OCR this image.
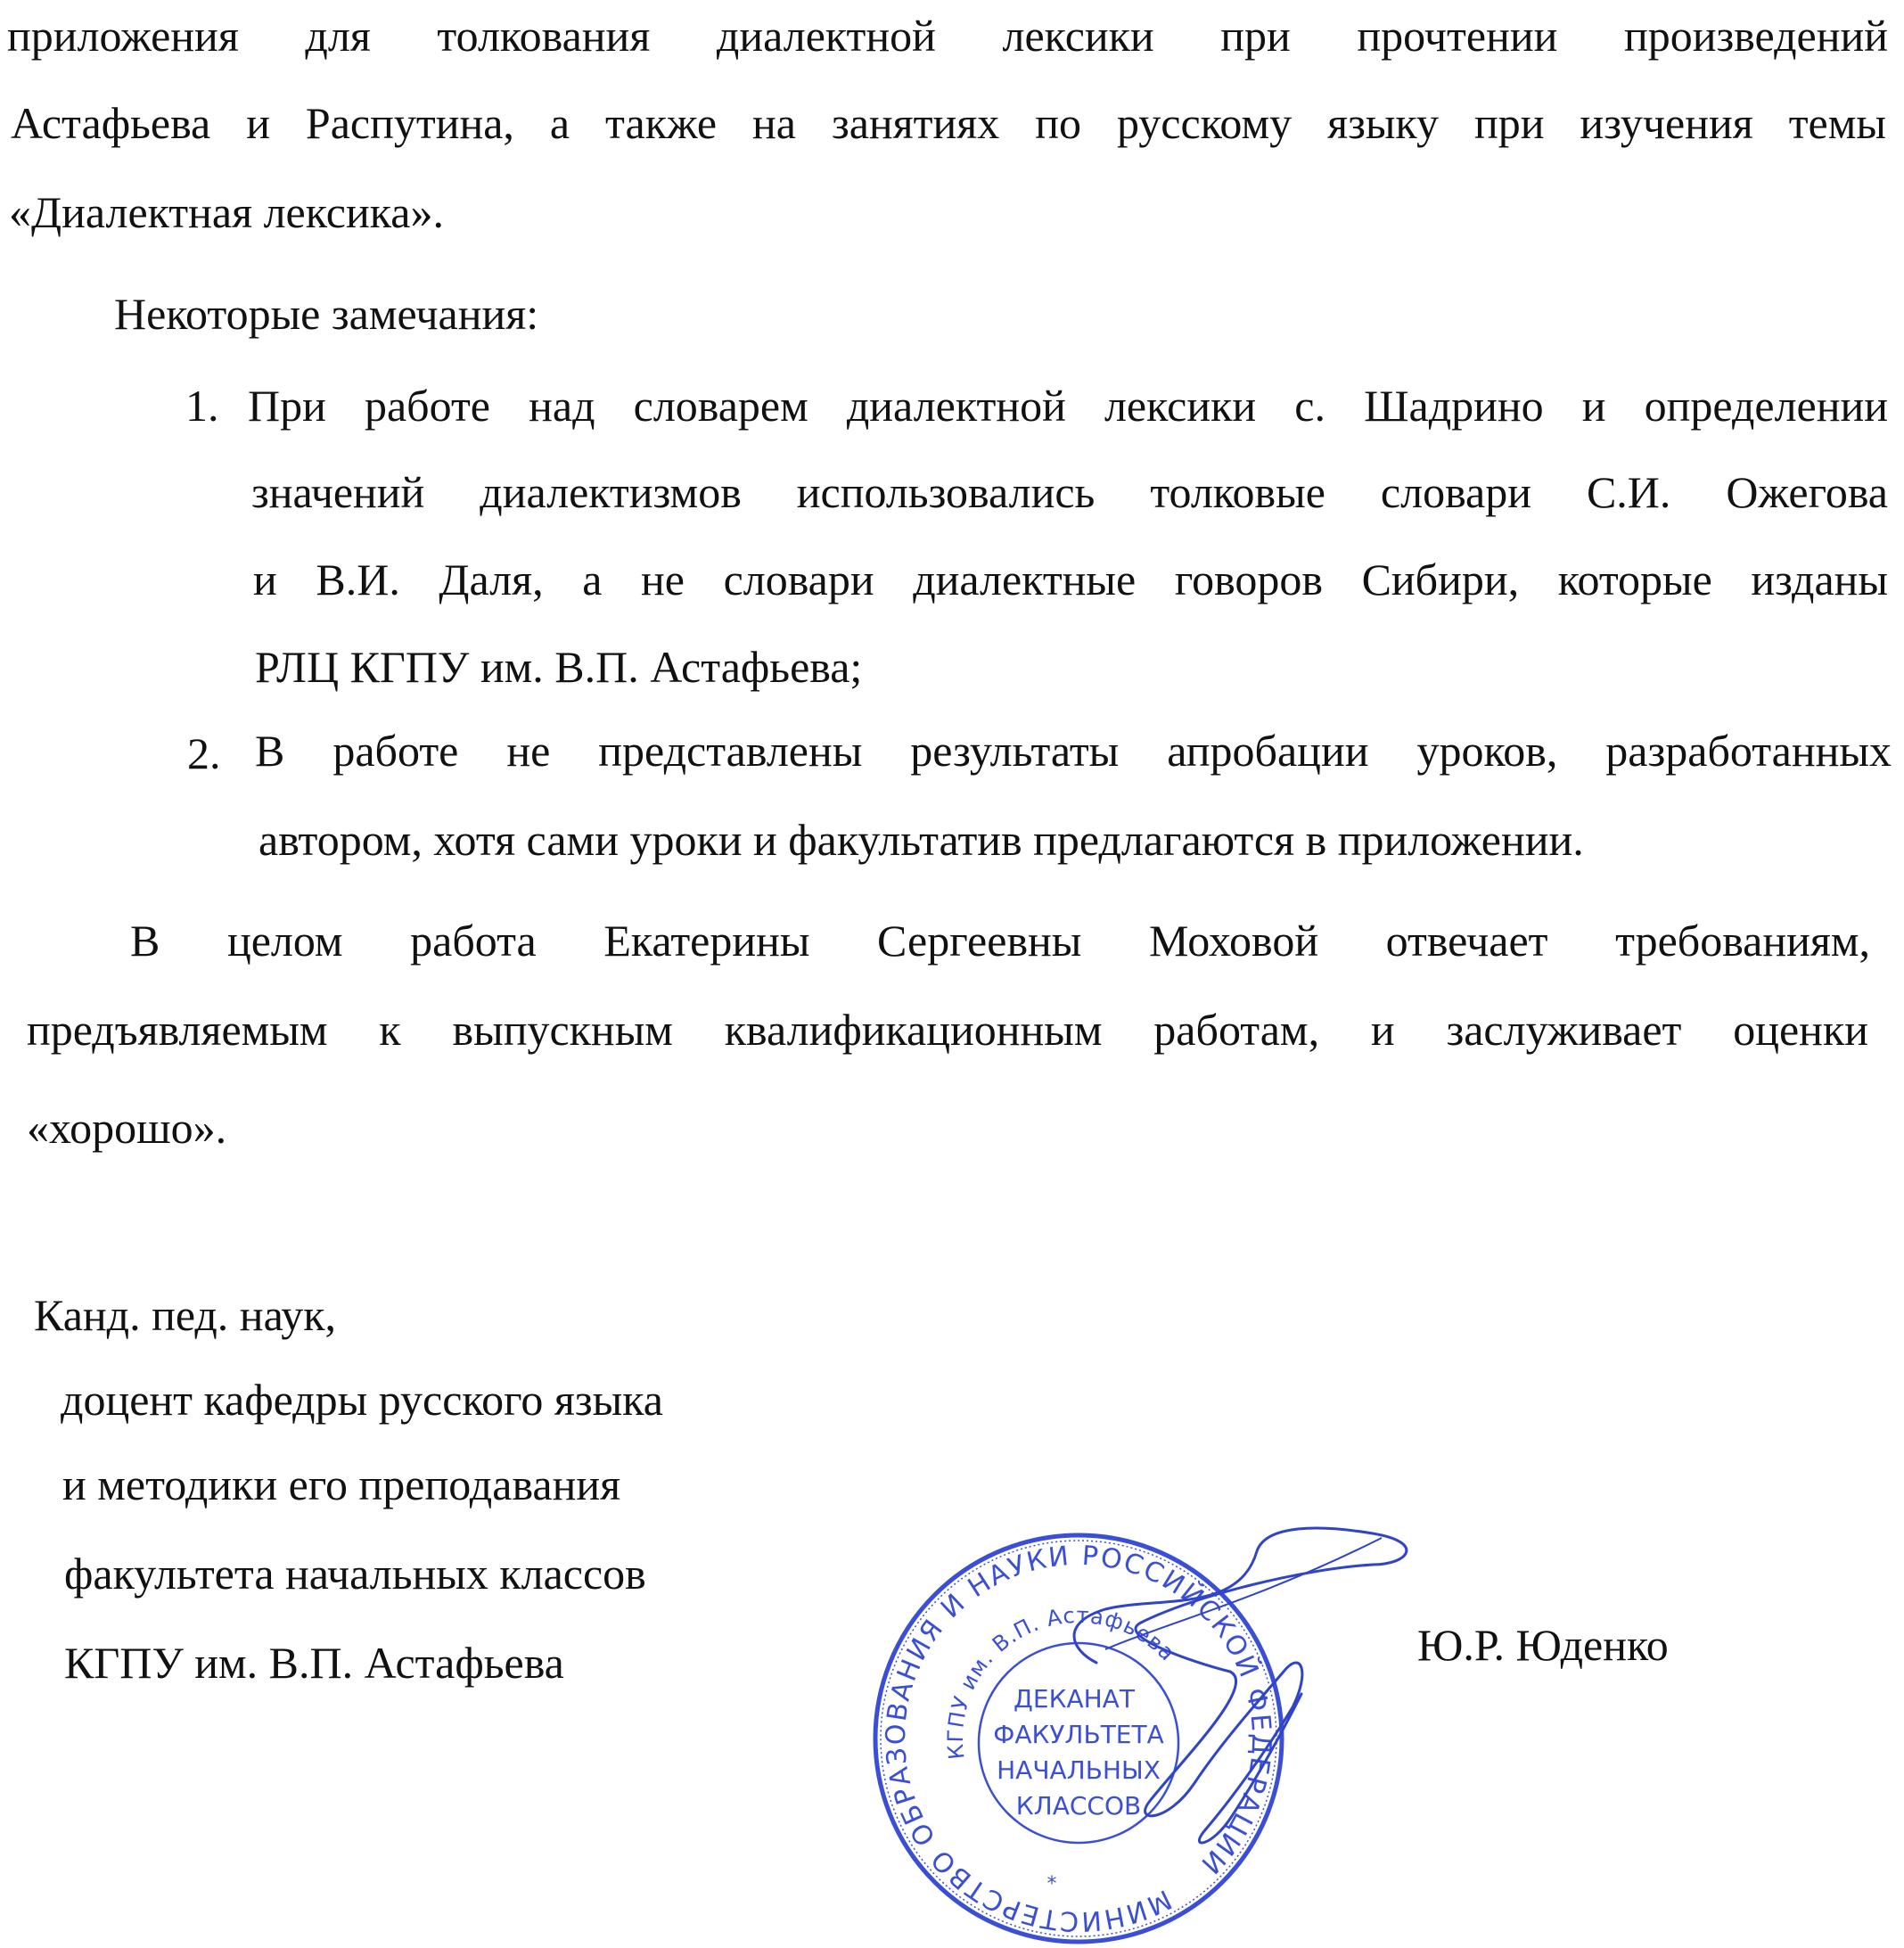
приложения для толкования диалектной лексики при прочтении произведений
Астафьева и Распутина, а также на занятиях по русскому языку при изучения темы
«Диалектная лексика».
Некоторые замечания:
1. При работе над словарем диалектной лексики с. Шадрино и определении
значений диалектизмов использовались толковые словари С.И. Ожегова
и В.И. Даля, а не словари диалектные говоров Сибири, которые изданы
РЛЦ КГПУ им. В.П. Астафьева;
2. В работе не представлены результаты апробации уроков, разработанных
автором, хотя сами уроки и факультатив предлагаются в приложении.
В целом работа Екатерины Сергеевны Моховой отвечает требованиям,
предъявляемым к выпускным квалификационным работам, и заслуживает оценки
«хорошо».
Канд. пед. наук,
доцент кафедры русского языка
и методики его преподавания
факультета начальных классов
КГПУ им. В.П. Астафьева	Ю.Р. Юденко
МИНИСТЕРСТВО ОБРАЗОВАНИЯ И НАУКИ РОССИЙСКОЙ ФЕДЕРАЦИИ
КГПУ им. В.П. Астафьева
ДЕКАНАТ
ФАКУЛЬТЕТА
НАЧАЛЬНЫХ
КЛАССОВ
*
